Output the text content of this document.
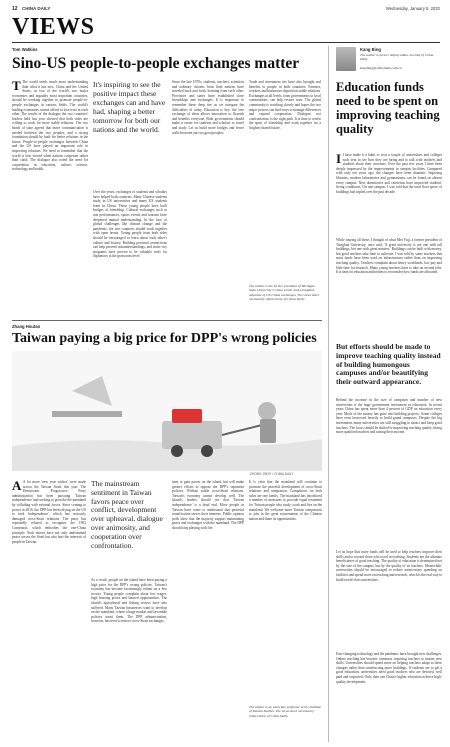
12 CHINA DAILY	Wednesday, January 5, 2022
VIEWS
Tom Watkins
Sino-US people-to-people exchanges matter
T The world needs much more understanding than what it has now. China and the United States, as two of the world's two major economies and arguably most important countries, should be working together to promote people-to-people exchanges in various fields. The world's leading economies cannot afford to lose trust in each other. The results of the dialogue the two countries' leaders held last year showed that both sides are willing to work for more stable relations. The two heads of state agreed that more communication is needed between the two peoples, and a strong foundation should be built for better relations in the future. People-to-people exchanges between China and the US have played an important role in improving relations. We need to remember that the world is best served when nations cooperate rather than clash. The dialogue also noted the need for cooperation in education, culture, science, technology and health.
It's inspiring to see the positive impact these exchanges can and have had, shaping a better tomorrow for both our nations and the world.
Over the years, exchanges of students and scholars have helped both countries. Many Chinese students study in US universities and many US students learn in China. These young people have built bridges of friendship. Cultural exchanges such as arts performances, sports events and tourism have deepened mutual understanding. In the face of global challenges like climate change and the pandemic, the two countries should work together with open hearts. Young people from both sides should be encouraged to learn about each other's culture and history. Building personal connections can help prevent misunderstandings, and sister-city programs have proven to be valuable tools for diplomacy at the grassroots level.
Since the late 1970s, students, teachers, scientists and ordinary citizens from both nations have traveled back and forth, learning from each other. Provinces and states have established close friendships and exchanges. It is important to remember these deep ties as we navigate the difficulties of today. Education is key: the free exchange of ideas allows innovation to flourish and benefits everyone. Both governments should make it easier for students and scholars to travel and study. Let us build more bridges and fewer walls between our two great peoples.
Trade and investment ties have also brought real benefits to people in both countries. Farmers, workers and businesses depend on stable relations. Exchanges at all levels, from governments to local communities, can help restore trust. The global community is watching closely and hopes the two major powers can find ways to manage differences and expand cooperation. Dialogue, not confrontation, is the right path. It is time to renew the spirit of friendship and work together for a brighter shared future.
The author is the former president of Michigan State University's China center and a longtime advocate of US-China exchanges. The views don't necessarily reflect those of China Daily.
Kang Bing
The author is former deputy editor-in-chief of China Daily.
kangbing@chinadaily.com.cn
Education funds need to be spent on improving teaching quality
I I have made it a habit to visit a couple of universities and colleges each year to see how they are faring and to talk with teachers and students about their concerns. Over the past few years I have been deeply impressed by the improvements in campus facilities. Compared with only ten years ago, the changes have been dramatic. Imposing libraries, modern laboratories and gymnasiums can be found on almost every campus. New dormitories and cafeterias have improved students' living conditions. On one campus, I was told that the total floor space of buildings had tripled over the past decade.
While touring all these, I thought of what Mei Yiqi, a former president of Tsinghua University, once said: 'A great university is not one with tall buildings, but one with great masters.' Buildings can be built with money, but good teachers take time to cultivate. I was told by some teachers that most funds have been used on infrastructure rather than on improving teaching quality. Teachers complain about heavy workloads, low pay and little time for research. Many young teachers have to take on second jobs. It is time for education authorities to reconsider how funds are allocated.
But efforts should be made to improve teaching quality instead of building humongous campuses and/or beautifying their outward appearance.
Behind the increase in the size of campuses and number of new universities is the huge government investment in education. In recent years China has spent more than 4 percent of GDP on education every year. Much of the money has gone into building projects. Some colleges have even borrowed heavily to build grand campuses. Despite the big investment, many universities are still struggling to attract and keep good teachers. The focus should be shifted to improving teaching quality, hiring more qualified teachers and raising their income.
Let us hope that more funds will be used to help teachers improve their skills and to reward those who excel in teaching. Students are the ultimate beneficiaries of good teaching. The quality of education is determined not by the size of the campus, but by the quality of its teachers. Meanwhile, universities should be encouraged to reduce unnecessary spending on facilities and spend more on teaching and research, which is the real way to build world-class universities.
Fast-changing technology and the pandemic have brought new challenges. Online teaching has become common, requiring teachers to master new skills. Universities should spend more on helping teachers adapt to these changes rather than constructing more buildings. If students are to get a good education, universities need good teachers who are devoted, well paid and respected. Only then can China's higher education achieve high-quality development.
Zhang Houtao
Taiwan paying a big price for DPP's wrong policies
ZHONG JINYE / CHINA DAILY
A A lot more 'new year wishes' were made across the Taiwan Strait this year. The Democratic Progressive Party administration has been pursuing 'Taiwan independence' and seeking to provoke the mainland by colluding with external forces. Since coming to power in 2016, the DPP has been relying on the US to seek 'independence', which has seriously damaged cross-Strait relations. The party has repeatedly refused to recognize the 1992 Consensus, which embodies the one-China principle. Such moves have not only undermined peace across the Strait but also hurt the interests of people in Taiwan.
The mainstream sentiment in Taiwan favors peace over conflict, development over upheaval, dialogue over animosity, and cooperation over confrontation.
As a result, people on the island have been paying a high price for the DPP's wrong policies. Taiwan's economy has become increasingly reliant on a few sectors. Young people complain about low wages, high housing prices and limited opportunities. The island's agricultural and fishing sectors have also suffered. Many Taiwan businesses want to develop on the mainland, where a huge market and favorable policies await them. The DPP administration, however, has tried to restrict cross-Strait exchanges.
time to gain power on the island, but will make greater efforts to oppose the DPP's separatist policies. Without stable cross-Strait relations, Taiwan's economy cannot develop well. The island's leaders should see that 'Taiwan independence' is a dead end. More people in Taiwan have come to understand that peaceful reunification serves their interests. Public opinion polls show that the majority support maintaining peace and exchanges with the mainland. The DPP should stop playing with fire.
It is clear that the mainland will continue to promote the peaceful development of cross-Strait relations and integration. Compatriots on both sides are one family. The mainland has introduced a number of measures to provide equal treatment for Taiwan people who study, work and live on the mainland. We welcome more Taiwan compatriots to join in the great rejuvenation of the Chinese nation and share its opportunities.
The author is an associate professor at the Institute of Taiwan Studies. The views don't necessarily reflect those of China Daily.
